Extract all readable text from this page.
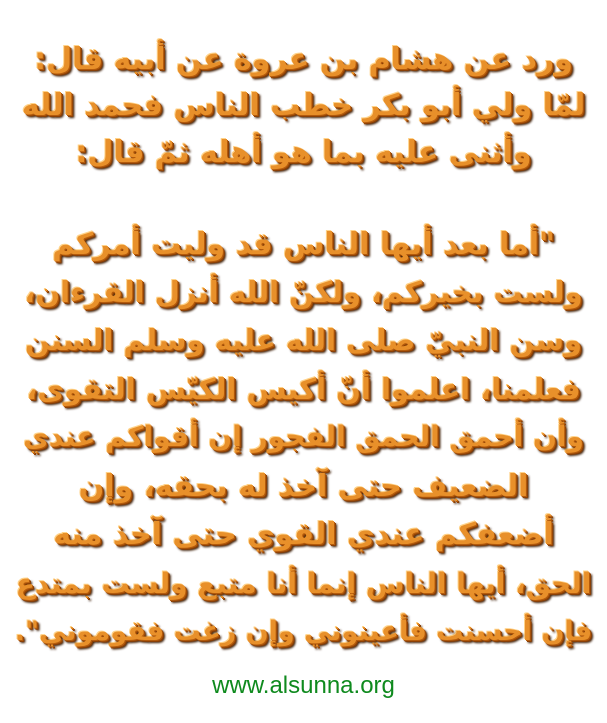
ورد عن هشام بن عروة عن أبيه قال:
لمّا ولي أبو بكر خطب الناس فحمد الله
وأثنى عليه بما هو أهله ثمّ قال:
"أما بعد أيها الناس قد وليت أمركم
ولست بخيركم، ولكنّ الله أنزل القرءان،
وسن النبيّ صلى الله عليه وسلم السنن
فعلمنا، اعلموا أنّ أكيس الكيّس التقوى،
وأن أحمق الحمق الفجور إن أقواكم عندي
الضعيف حتى آخذ له بحقه، وإن
أضعفكم عندي القوي حتى آخذ منه
الحق، أيها الناس إنما أنا متبع ولست بمتدع
فإن أحسنت فأعينوني وإن زغت فقوموني".
www.alsunna.org
